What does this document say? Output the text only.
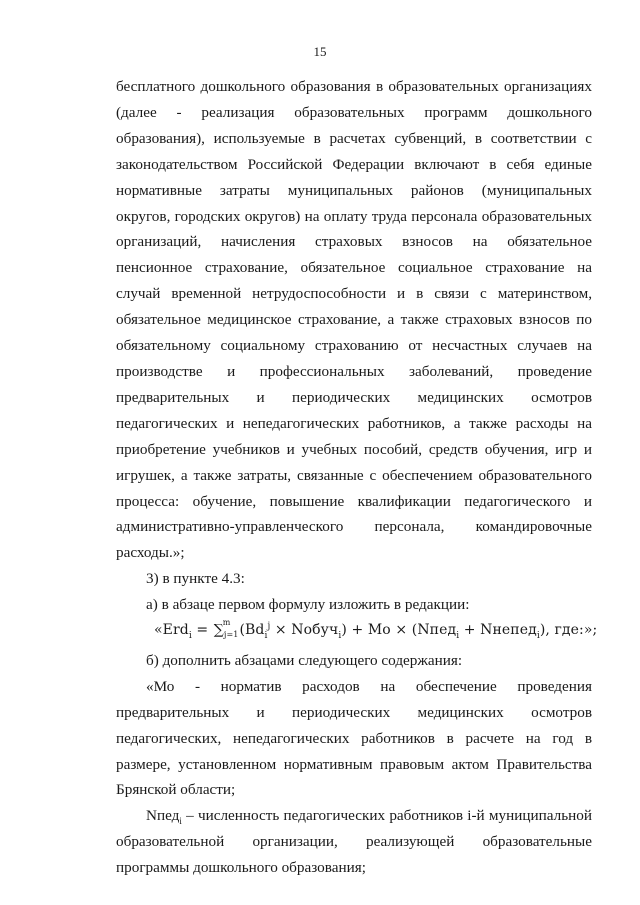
15

бесплатного дошкольного образования в образовательных организациях (далее - реализация образовательных программ дошкольного образования), используемые в расчетах субвенций, в соответствии с законодательством Российской Федерации включают в себя единые нормативные затраты муниципальных районов (муниципальных округов, городских округов) на оплату труда персонала образовательных организаций, начисления страховых взносов на обязательное пенсионное страхование, обязательное социальное страхование на случай временной нетрудоспособности и в связи с материнством, обязательное медицинское страхование, а также страховых взносов по обязательному социальному страхованию от несчастных случаев на производстве и профессиональных заболеваний, проведение предварительных и периодических медицинских осмотров педагогических и непедагогических работников, а также расходы на приобретение учебников и учебных пособий, средств обучения, игр и игрушек, а также затраты, связанные с обеспечением образовательного процесса: обучение, повышение квалификации педагогического и административно-управленческого персонала, командировочные расходы.»;

3) в пункте 4.3:

а) в абзаце первом формулу изложить в редакции:

«Erd$_i$ = ∑
m
$_{j=1}(Bd_i^j$ × Nобуч$_i$) + Мо × (Nпед$_i$ + Nнепед$_i$), где:»;

б) дополнить абзацами следующего содержания:

«Мо - норматив расходов на обеспечение проведения предварительных и периодических медицинских осмотров педагогических, непедагогических работников в расчете на год в размере, установленном нормативным правовым актом Правительства Брянской области;

Nпед$_i$ – численность педагогических работников i-й муниципальной образовательной организации, реализующей образовательные программы дошкольного образования;
